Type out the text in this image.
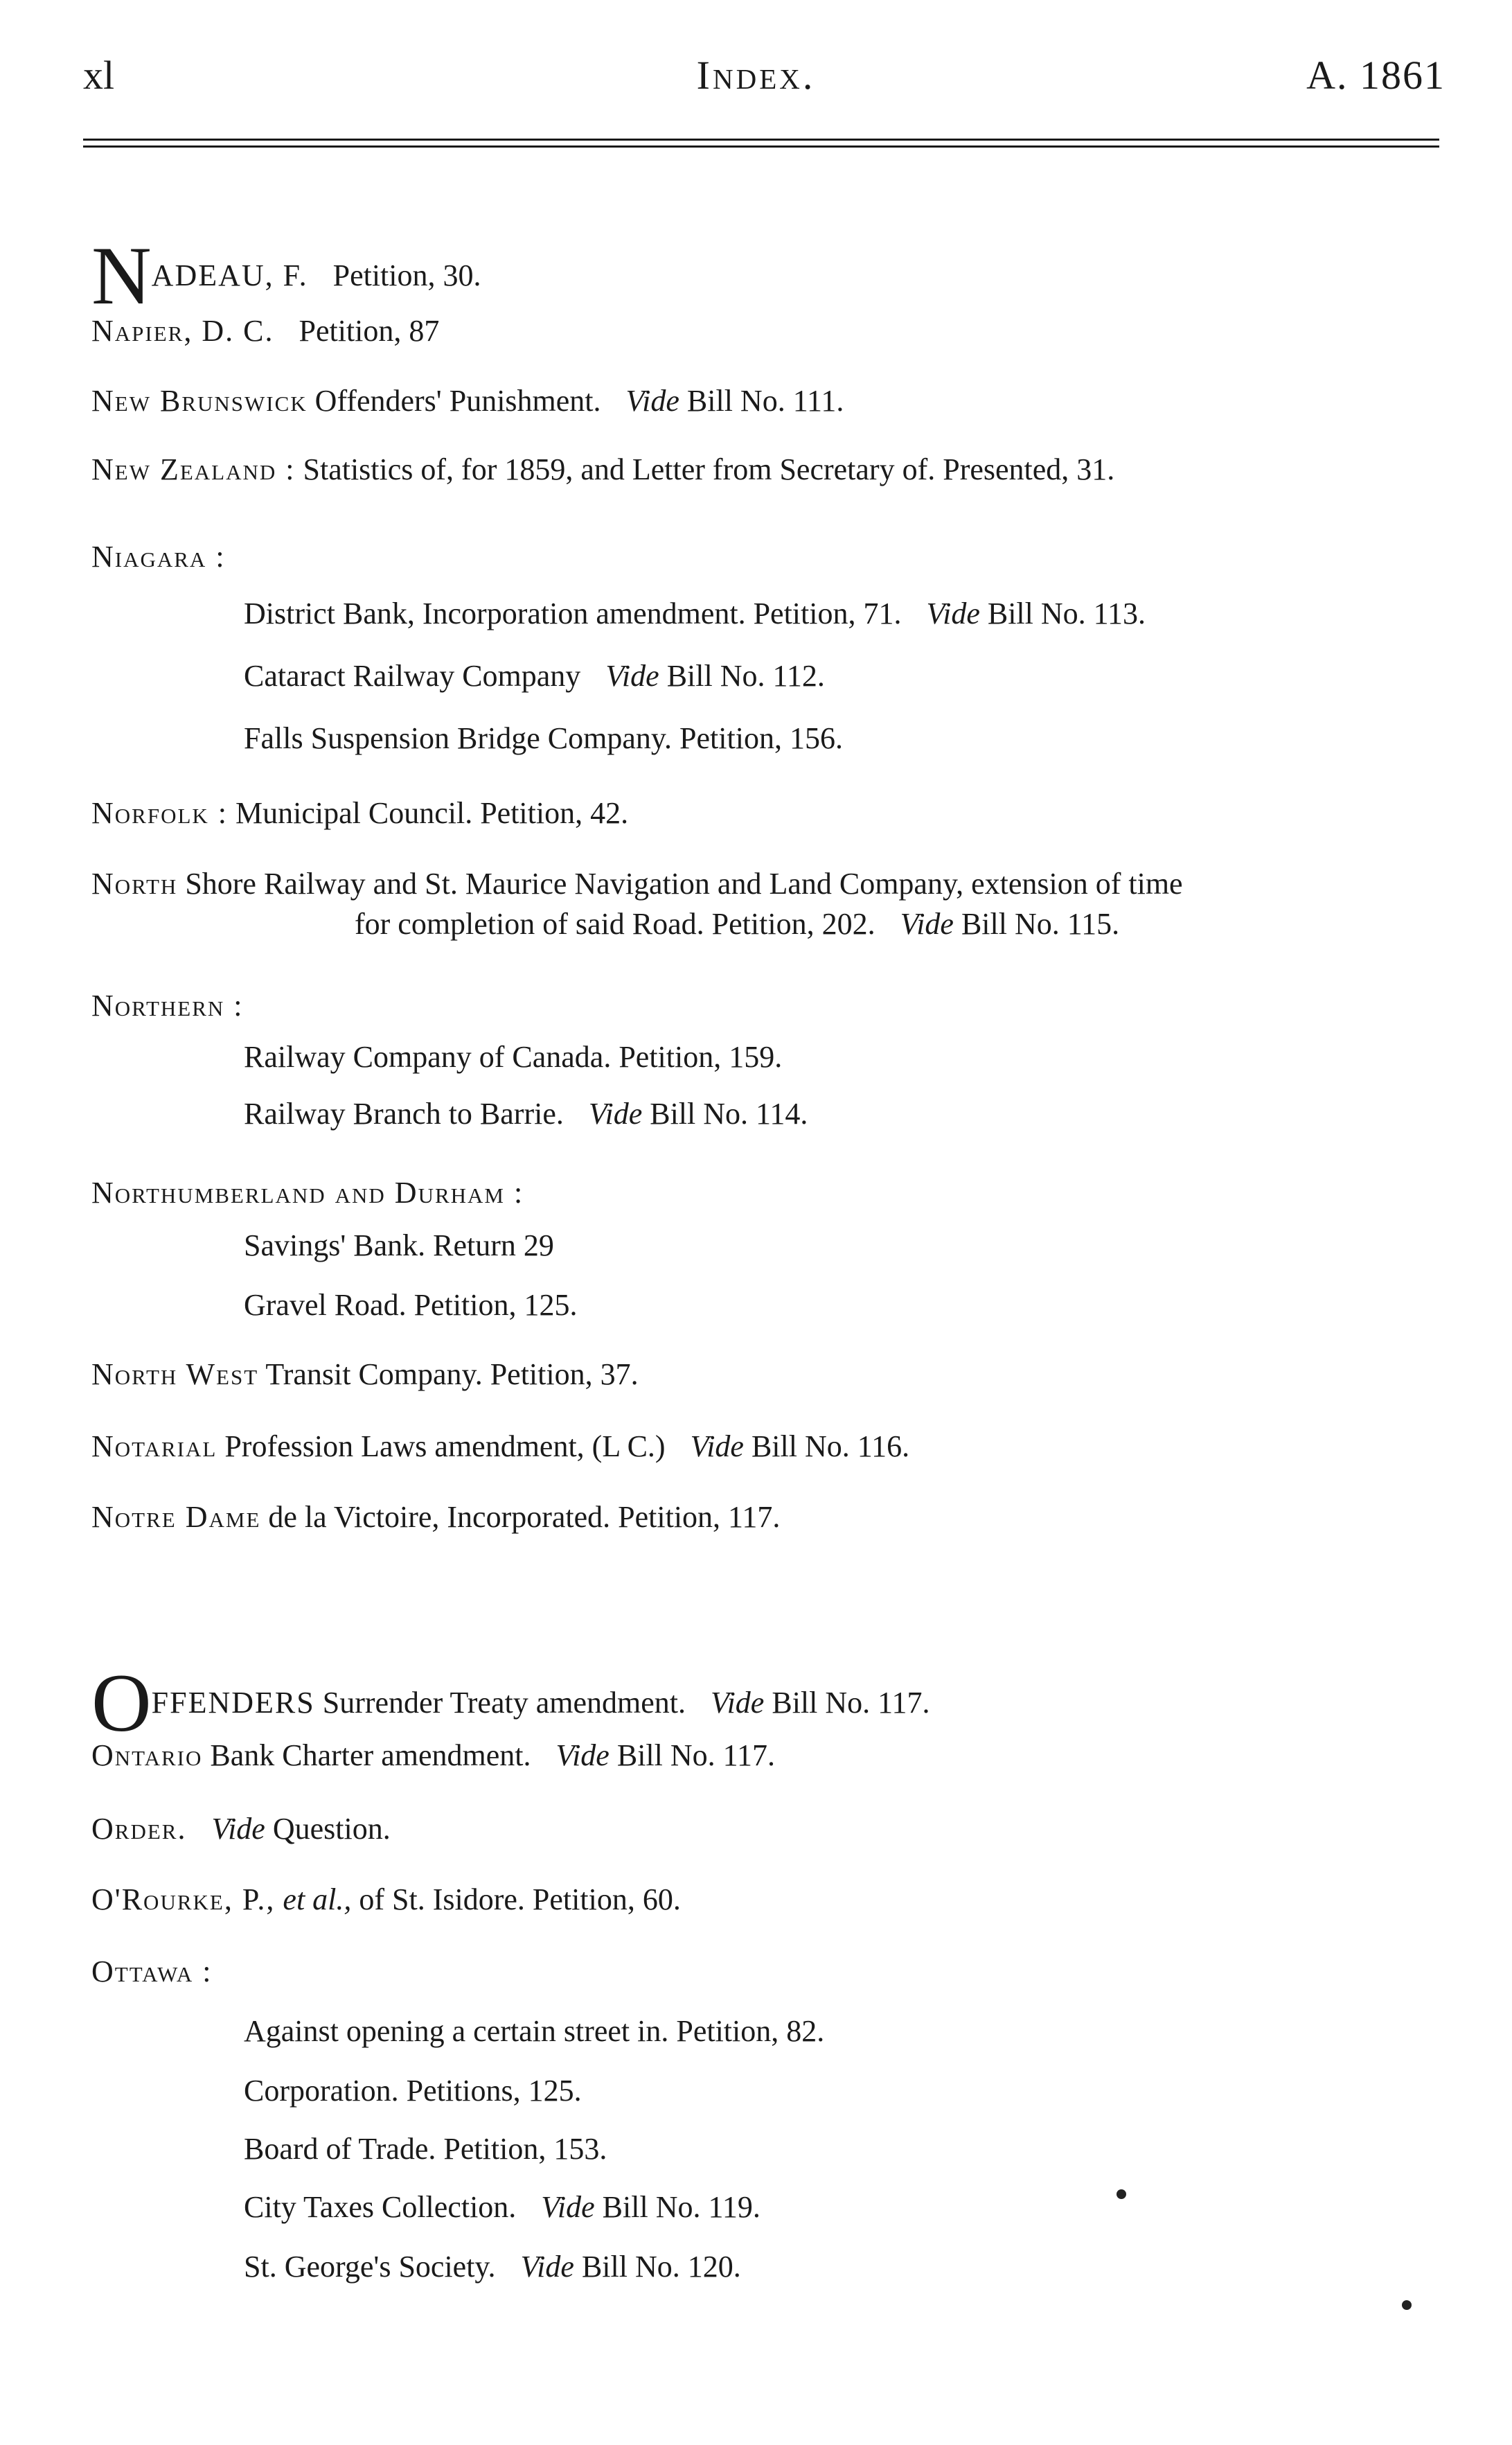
xl	Index.	A. 1861
NADEAU, F. Petition, 30.
Napier, D. C. Petition, 87
New Brunswick Offenders' Punishment. Vide Bill No. 111.
New Zealand : Statistics of, for 1859, and Letter from Secretary of. Presented, 31.
Niagara :
District Bank, Incorporation amendment. Petition, 71. Vide Bill No. 113.
Cataract Railway Company Vide Bill No. 112.
Falls Suspension Bridge Company. Petition, 156.
Norfolk : Municipal Council. Petition, 42.
North Shore Railway and St. Maurice Navigation and Land Company, extension of time
for completion of said Road. Petition, 202. Vide Bill No. 115.
Northern :
Railway Company of Canada. Petition, 159.
Railway Branch to Barrie. Vide Bill No. 114.
Northumberland and Durham :
Savings' Bank. Return 29
Gravel Road. Petition, 125.
North West Transit Company. Petition, 37.
Notarial Profession Laws amendment, (L C.) Vide Bill No. 116.
Notre Dame de la Victoire, Incorporated. Petition, 117.
OFFENDERS Surrender Treaty amendment. Vide Bill No. 117.
Ontario Bank Charter amendment. Vide Bill No. 117.
Order. Vide Question.
O'Rourke, P., et al., of St. Isidore. Petition, 60.
Ottawa :
Against opening a certain street in. Petition, 82.
Corporation. Petitions, 125.
Board of Trade. Petition, 153.
City Taxes Collection. Vide Bill No. 119.
St. George's Society. Vide Bill No. 120.
